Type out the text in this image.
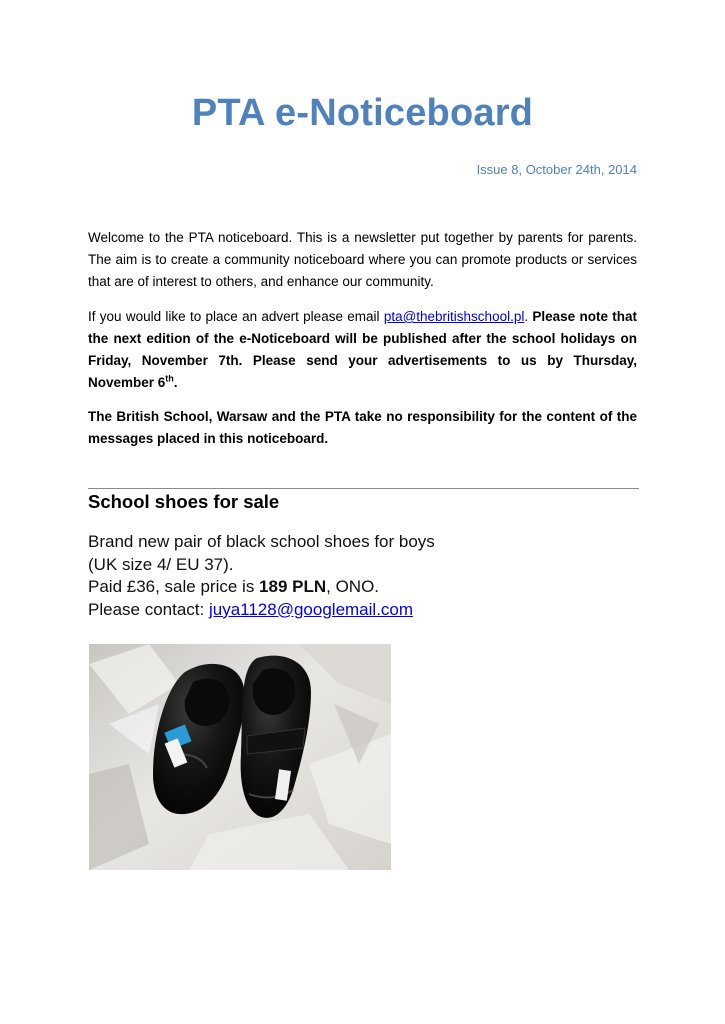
PTA e-Noticeboard
Issue 8, October 24th, 2014

Welcome to the PTA noticeboard. This is a newsletter put together by parents for parents. The aim is to create a community noticeboard where you can promote products or services that are of interest to others, and enhance our community.

If you would like to place an advert please email pta@thebritishschool.pl. Please note that the next edition of the e-Noticeboard will be published after the school holidays on Friday, November 7th. Please send your advertisements to us by Thursday, November 6th.

The British School, Warsaw and the PTA take no responsibility for the content of the messages placed in this noticeboard.

School shoes for sale
Brand new pair of black school shoes for boys
(UK size 4/ EU 37).
Paid £36, sale price is 189 PLN, ONO.
Please contact: juya1128@googlemail.com
